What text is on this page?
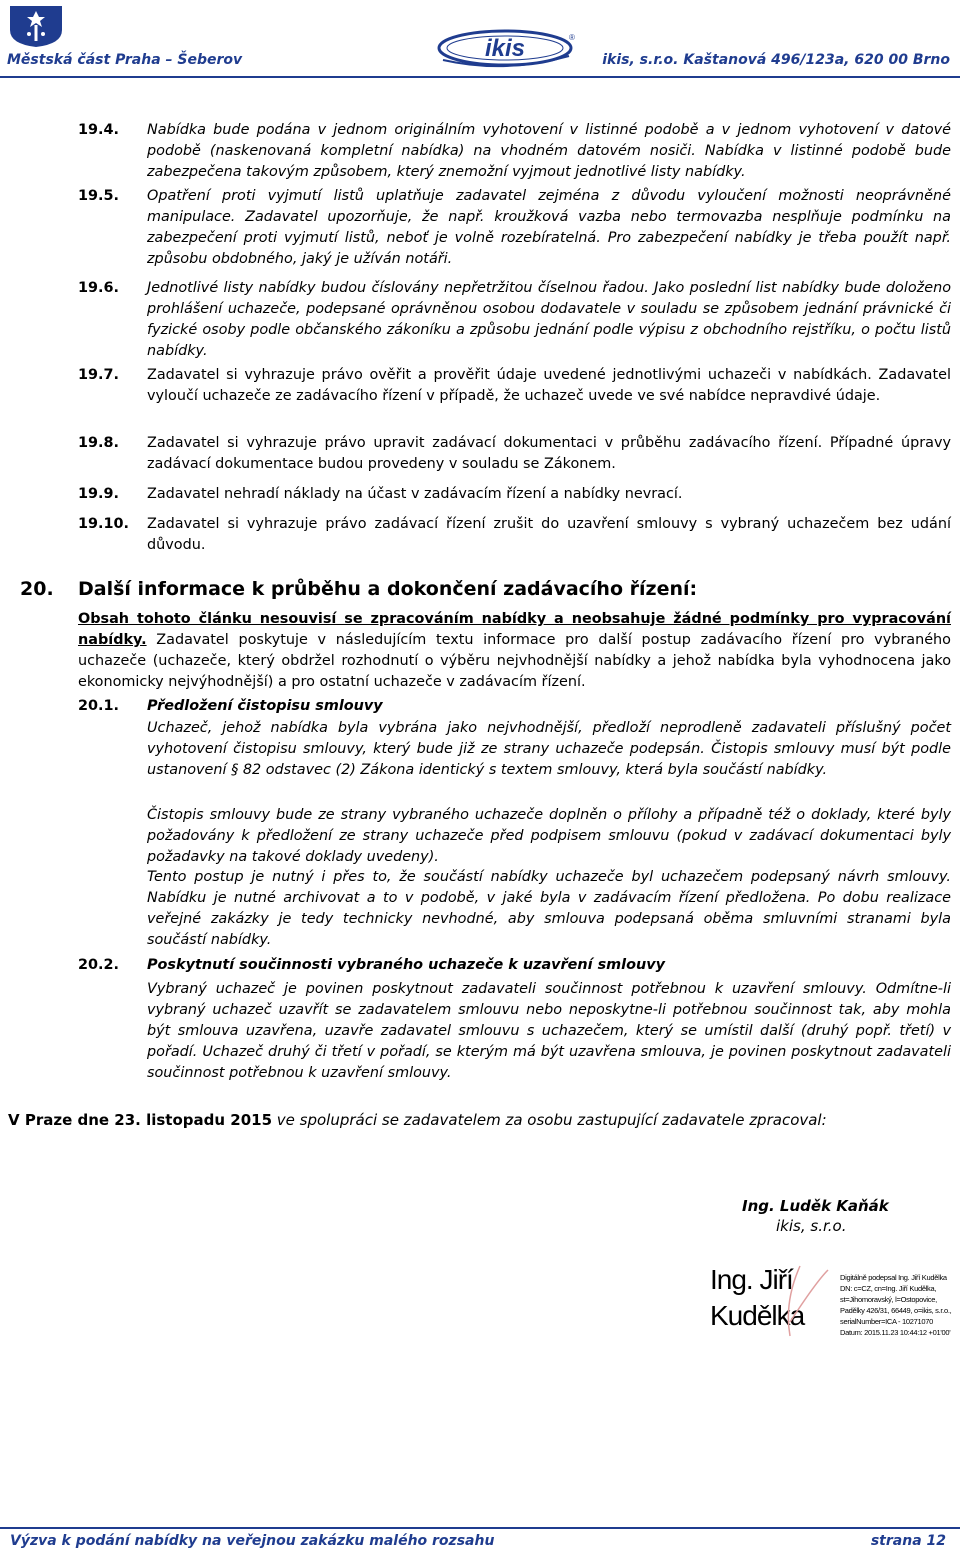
Městská část Praha – Šeberov	ikis	®
ikis, s.r.o. Kaštanová 496/123a, 620 00 Brno
19.4. Nabídka bude podána v jednom originálním vyhotovení v listinné podobě a v jednom vyhotovení v datové podobě (naskenovaná kompletní nabídka) na vhodném datovém nosiči. Nabídka v listinné podobě bude zabezpečena takovým způsobem, který znemožní vyjmout jednotlivé listy nabídky.
19.5. Opatření proti vyjmutí listů uplatňuje zadavatel zejména z důvodu vyloučení možnosti neoprávněné manipulace. Zadavatel upozorňuje, že např. kroužková vazba nebo termovazba nesplňuje podmínku na zabezpečení proti vyjmutí listů, neboť je volně rozebíratelná. Pro zabezpečení nabídky je třeba použít např. způsobu obdobného, jaký je užíván notáři.
19.6. Jednotlivé listy nabídky budou číslovány nepřetržitou číselnou řadou. Jako poslední list nabídky bude doloženo prohlášení uchazeče, podepsané oprávněnou osobou dodavatele v souladu se způsobem jednání právnické či fyzické osoby podle občanského zákoníku a způsobu jednání podle výpisu z obchodního rejstříku, o počtu listů nabídky.
19.7. Zadavatel si vyhrazuje právo ověřit a prověřit údaje uvedené jednotlivými uchazeči v nabídkách. Zadavatel vyloučí uchazeče ze zadávacího řízení v případě, že uchazeč uvede ve své nabídce nepravdivé údaje.
19.8. Zadavatel si vyhrazuje právo upravit zadávací dokumentaci v průběhu zadávacího řízení. Případné úpravy zadávací dokumentace budou provedeny v souladu se Zákonem.
19.9. Zadavatel nehradí náklady na účast v zadávacím řízení a nabídky nevrací.
19.10. Zadavatel si vyhrazuje právo zadávací řízení zrušit do uzavření smlouvy s vybraný uchazečem bez udání důvodu.
20. Další informace k průběhu a dokončení zadávacího řízení:
Obsah tohoto článku nesouvisí se zpracováním nabídky a neobsahuje žádné podmínky pro vypracování nabídky. Zadavatel poskytuje v následujícím textu informace pro další postup zadávacího řízení pro vybraného uchazeče (uchazeče, který obdržel rozhodnutí o výběru nejvhodnější nabídky a jehož nabídka byla vyhodnocena jako ekonomicky nejvýhodnější) a pro ostatní uchazeče v zadávacím řízení.
20.1. Předložení čistopisu smlouvy
Uchazeč, jehož nabídka byla vybrána jako nejvhodnější, předloží neprodleně zadavateli příslušný počet vyhotovení čistopisu smlouvy, který bude již ze strany uchazeče podepsán. Čistopis smlouvy musí být podle ustanovení § 82 odstavec (2) Zákona identický s textem smlouvy, která byla součástí nabídky.
Čistopis smlouvy bude ze strany vybraného uchazeče doplněn o přílohy a případně též o doklady, které byly požadovány k předložení ze strany uchazeče před podpisem smlouvu (pokud v zadávací dokumentaci byly požadavky na takové doklady uvedeny).
Tento postup je nutný i přes to, že součástí nabídky uchazeče byl uchazečem podepsaný návrh smlouvy. Nabídku je nutné archivovat a to v podobě, v jaké byla v zadávacím řízení předložena. Po dobu realizace veřejné zakázky je tedy technicky nevhodné, aby smlouva podepsaná oběma smluvními stranami byla součástí nabídky.
20.2. Poskytnutí součinnosti vybraného uchazeče k uzavření smlouvy
Vybraný uchazeč je povinen poskytnout zadavateli součinnost potřebnou k uzavření smlouvy. Odmítne-li vybraný uchazeč uzavřít se zadavatelem smlouvu nebo neposkytne-li potřebnou součinnost tak, aby mohla být smlouva uzavřena, uzavře zadavatel smlouvu s uchazečem, který se umístil další (druhý popř. třetí) v pořadí. Uchazeč druhý či třetí v pořadí, se kterým má být uzavřena smlouva, je povinen poskytnout zadavateli součinnost potřebnou k uzavření smlouvy.
V Praze dne 23. listopadu 2015 ve spolupráci se zadavatelem za osobu zastupující zadavatele zpracoval:
Ing. Luděk Kaňák
ikis, s.r.o.
Ing. Jiří
Kudělka
Digitálně podepsal Ing. Jiří Kudělka
DN: c=CZ, cn=Ing. Jiří Kudělka,
st=Jihomoravský, l=Ostopovice,
Padělky 426/31, 66449, o=ikis, s.r.o.,
serialNumber=ICA - 10271070
Datum: 2015.11.23 10:44:12 +01'00'
Výzva k podání nabídky na veřejnou zakázku malého rozsahu	strana 12
